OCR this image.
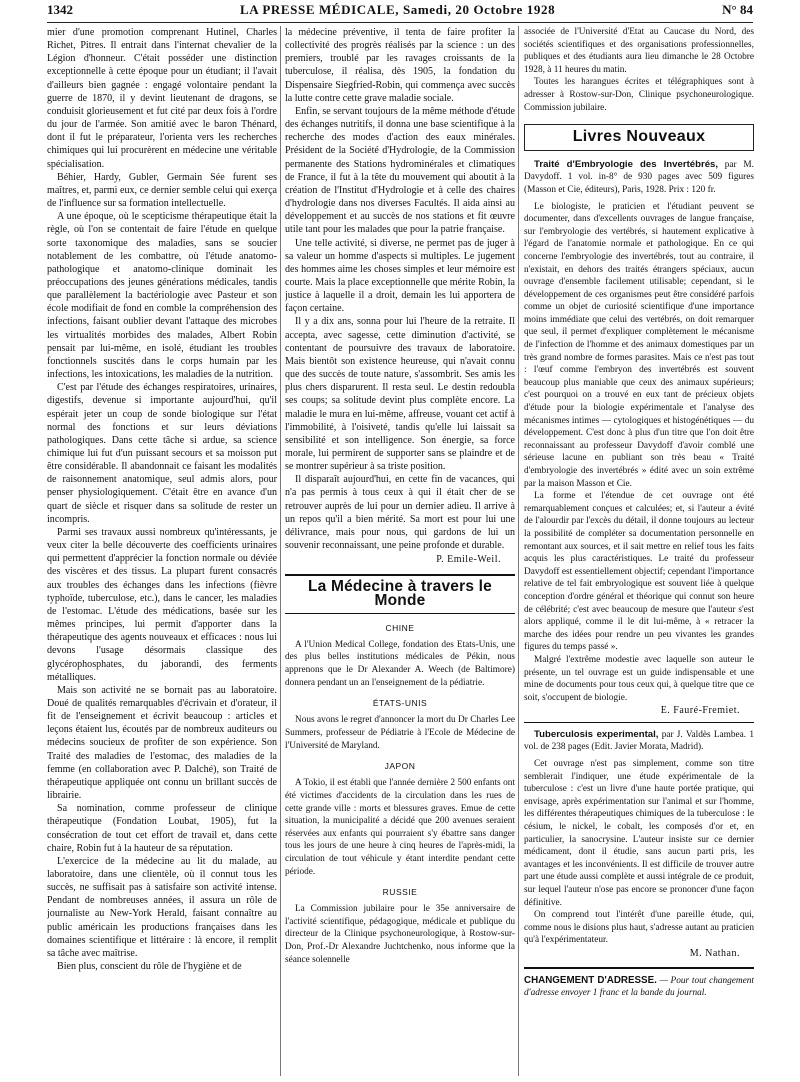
1342	LA PRESSE MÉDICALE, Samedi, 20 Octobre 1928	N° 84

mier d'une promotion comprenant Hutinel, Charles Richet, Pitres. Il entrait dans l'internat chevalier de la Légion d'honneur. C'était posséder une distinction exceptionnelle à cette époque pour un étudiant; il l'avait d'ailleurs bien gagnée : engagé volontaire pendant la guerre de 1870, il y devint lieutenant de dragons, se conduisit glorieusement et fut cité par deux fois à l'ordre du jour de l'armée. Son amitié avec le baron Thénard, dont il fut le préparateur, l'orienta vers les recherches chimiques qui lui procurèrent en médecine une véritable spécialisation.

Béhier, Hardy, Gubler, Germain Sée furent ses maîtres, et, parmi eux, ce dernier semble celui qui exerça de l'influence sur sa formation intellectuelle.

A une époque, où le scepticisme thérapeutique était la règle, où l'on se contentait de faire l'étude en quelque sorte taxonomique des maladies, sans se soucier notablement de les combattre, où l'étude anatomo-pathologique et anatomo-clinique dominait les préoccupations des jeunes générations médicales, tandis que parallèlement la bactériologie avec Pasteur et son école modifiait de fond en comble la compréhension des infections, faisant oublier devant l'attaque des microbes les virtualités morbides des malades, Albert Robin pensait par lui-même, en isolé, étudiant les troubles fonctionnels suscités dans le corps humain par les infections, les intoxications, les maladies de la nutrition.

C'est par l'étude des échanges respiratoires, urinaires, digestifs, devenue si importante aujourd'hui, qu'il espérait jeter un coup de sonde biologique sur l'état normal des fonctions et sur leurs déviations pathologiques. Dans cette tâche si ardue, sa science chimique lui fut d'un puissant secours et sa moisson put être considérable. Il abandonnait ce faisant les modalités de raisonnement anatomique, seul admis alors, pour penser physiologiquement. C'était être en avance d'un quart de siècle et risquer dans sa solitude de rester un incompris.

Parmi ses travaux aussi nombreux qu'intéressants, je veux citer la belle découverte des coefficients urinaires qui permettent d'apprécier la fonction normale ou déviée des viscères et des tissus. La plupart furent consacrés aux troubles des échanges dans les infections (fièvre typhoïde, tuberculose, etc.), dans le cancer, les maladies de l'estomac. L'étude des médications, basée sur les mêmes principes, lui permit d'apporter dans la thérapeutique des agents nouveaux et efficaces : nous lui devons l'usage désormais classique des glycérophosphates, du jaborandi, des ferments métalliques.

Mais son activité ne se bornait pas au laboratoire. Doué de qualités remarquables d'écrivain et d'orateur, il fit de l'enseignement et écrivit beaucoup : articles et leçons étaient lus, écoutés par de nombreux auditeurs ou médecins soucieux de profiter de son expérience. Son Traité des maladies de l'estomac, des maladies de la femme (en collaboration avec P. Dalché), son Traité de thérapeutique appliquée ont connu un brillant succès de librairie.

Sa nomination, comme professeur de clinique thérapeutique (Fondation Loubat, 1905), fut la consécration de tout cet effort de travail et, dans cette chaire, Robin fut à la hauteur de sa réputation.

L'exercice de la médecine au lit du malade, au laboratoire, dans une clientèle, où il connut tous les succès, ne suffisait pas à satisfaire son activité intense. Pendant de nombreuses années, il assura un rôle de journaliste au New-York Herald, faisant connaître au public américain les productions françaises dans les domaines scientifique et littéraire : là encore, il remplit sa tâche avec maîtrise.

Bien plus, conscient du rôle de l'hygiène et de

la médecine préventive, il tenta de faire profiter la collectivité des progrès réalisés par la science : un des premiers, troublé par les ravages croissants de la tuberculose, il réalisa, dès 1905, la fondation du Dispensaire Siegfried-Robin, qui commença avec succès la lutte contre cette grave maladie sociale.

Enfin, se servant toujours de la même méthode d'étude des échanges nutritifs, il donna une base scientifique à la recherche des modes d'action des eaux minérales. Président de la Société d'Hydrologie, de la Commission permanente des Stations hydrominérales et climatiques de France, il fut à la tête du mouvement qui aboutit à la création de l'Institut d'Hydrologie et à celle des chaires d'hydrologie dans nos diverses Facultés. Il aida ainsi au développement et au succès de nos stations et fit œuvre utile tant pour les malades que pour la patrie française.

Une telle activité, si diverse, ne permet pas de juger à sa valeur un homme d'aspects si multiples. Le jugement des hommes aime les choses simples et leur mémoire est courte. Mais la place exceptionnelle que mérite Robin, la justice à laquelle il a droit, demain les lui apportera de façon certaine.

Il y a dix ans, sonna pour lui l'heure de la retraite. Il accepta, avec sagesse, cette diminution d'activité, se contentant de poursuivre des travaux de laboratoire. Mais bientôt son existence heureuse, qui n'avait connu que des succès de toute nature, s'assombrit. Ses amis les plus chers disparurent. Il resta seul. Le destin redoubla ses coups; sa solitude devint plus complète encore. La maladie le mura en lui-même, affreuse, vouant cet actif à l'immobilité, à l'oisiveté, tandis qu'elle lui laissait sa sensibilité et son intelligence. Son énergie, sa force morale, lui permirent de supporter sans se plaindre et de se montrer supérieur à sa triste position.

Il disparaît aujourd'hui, en cette fin de vacances, qui n'a pas permis à tous ceux à qui il était cher de se retrouver auprès de lui pour un dernier adieu. Il arrive à un repos qu'il a bien mérité. Sa mort est pour lui une délivrance, mais pour nous, qui gardons de lui un souvenir reconnaissant, une peine profonde et durable.

P. Emile-Weil.
La Médecine à travers le Monde
CHINE

A l'Union Medical College, fondation des Etats-Unis, une des plus belles institutions médicales de Pékin, nous apprenons que le Dr Alexander A. Weech (de Baltimore) donnera pendant un an l'enseignement de la pédiatrie.

ÉTATS-UNIS

Nous avons le regret d'annoncer la mort du Dr Charles Lee Summers, professeur de Pédiatrie à l'Ecole de Médecine de l'Université de Maryland.

JAPON

A Tokio, il est établi que l'année dernière 2 500 enfants ont été victimes d'accidents de la circulation dans les rues de cette grande ville : morts et blessures graves. Emue de cette situation, la municipalité a décidé que 200 avenues seraient réservées aux enfants qui pourraient s'y ébattre sans danger tous les jours de une heure à cinq heures de l'après-midi, la circulation de tout véhicule y étant interdite pendant cette période.

RUSSIE

La Commission jubilaire pour le 35e anniversaire de l'activité scientifique, pédagogique, médicale et publique du directeur de la Clinique psychoneurologique, à Rostow-sur-Don, Prof.-Dr Alexandre Juchtchenko, nous informe que la séance solennelle

associée de l'Université d'Etat au Caucase du Nord, des sociétés scientifiques et des organisations professionnelles, publiques et des étudiants aura lieu dimanche le 28 Octobre 1928, à 11 heures du matin.

Toutes les harangues écrites et télégraphiques sont à adresser à Rostow-sur-Don, Clinique psychoneurologique. Commission jubilaire.

Livres Nouveaux

Traité d'Embryologie des Invertébrés, par M. Davydoff. 1 vol. in-8° de 930 pages avec 509 figures (Masson et Cie, éditeurs), Paris, 1928. Prix : 120 fr.

Le biologiste, le praticien et l'étudiant peuvent se documenter, dans d'excellents ouvrages de langue française, sur l'embryologie des vertébrés, si hautement explicative à l'égard de l'anatomie normale et pathologique. En ce qui concerne l'embryologie des invertébrés, tout au contraire, il n'existait, en dehors des traités étrangers spéciaux, aucun ouvrage d'ensemble facilement utilisable; cependant, si le développement de ces organismes peut être considéré parfois comme un objet de curiosité scientifique d'une importance moins immédiate que celui des vertébrés, on doit remarquer que seul, il permet d'expliquer complètement le mécanisme de l'infection de l'homme et des animaux domestiques par un très grand nombre de formes parasites. Mais ce n'est pas tout : l'œuf comme l'embryon des invertébrés est souvent beaucoup plus maniable que ceux des animaux supérieurs; c'est pourquoi on a trouvé en eux tant de précieux objets d'étude pour la biologie expérimentale et l'analyse des mécanismes intimes — cytologiques et histogénétiques — du développement. C'est donc à plus d'un titre que l'on doit être reconnaissant au professeur Davydoff d'avoir comblé une sérieuse lacune en publiant son très beau « Traité d'embryologie des invertébrés » édité avec un soin extrême par la maison Masson et Cie.

La forme et l'étendue de cet ouvrage ont été remarquablement conçues et calculées; et, si l'auteur a évité de l'alourdir par l'excès du détail, il donne toujours au lecteur la possibilité de compléter sa documentation personnelle en remontant aux sources, et il sait mettre en relief tous les faits acquis les plus caractéristiques. Le traité du professeur Davydoff est essentiellement objectif; cependant l'importance relative de tel fait embryologique est souvent liée à quelque conception d'ordre général et théorique qui connut son heure de célébrité; c'est avec beaucoup de mesure que l'auteur s'est alors appliqué, comme il le dit lui-même, à « retracer la marche des idées pour rendre un peu vivantes les grandes figures du temps passé ».

Malgré l'extrême modestie avec laquelle son auteur le présente, un tel ouvrage est un guide indispensable et une mine de documents pour tous ceux qui, à quelque titre que ce soit, s'occupent de biologie.

E. Fauré-Fremiet.

Tuberculosis experimental, par J. Valdès Lambea. 1 vol. de 238 pages (Edit. Javier Morata, Madrid).

Cet ouvrage n'est pas simplement, comme son titre semblerait l'indiquer, une étude expérimentale de la tuberculose : c'est un livre d'une haute portée pratique, qui envisage, après expérimentation sur l'animal et sur l'homme, les différentes thérapeutiques chimiques de la tuberculose : le césium, le nickel, le cobalt, les composés d'or et, en particulier, la sanocrysine. L'auteur insiste sur ce dernier médicament, dont il étudie, sans aucun parti pris, les avantages et les inconvénients. Il est difficile de trouver autre part une étude aussi complète et aussi intégrale de ce produit, sur lequel l'auteur n'ose pas encore se prononcer d'une façon définitive.

On comprend tout l'intérêt d'une pareille étude, qui, comme nous le disions plus haut, s'adresse autant au praticien qu'à l'expérimentateur.

M. Nathan.

CHANGEMENT D'ADRESSE. — Pour tout changement d'adresse envoyer 1 franc et la bande du journal.
